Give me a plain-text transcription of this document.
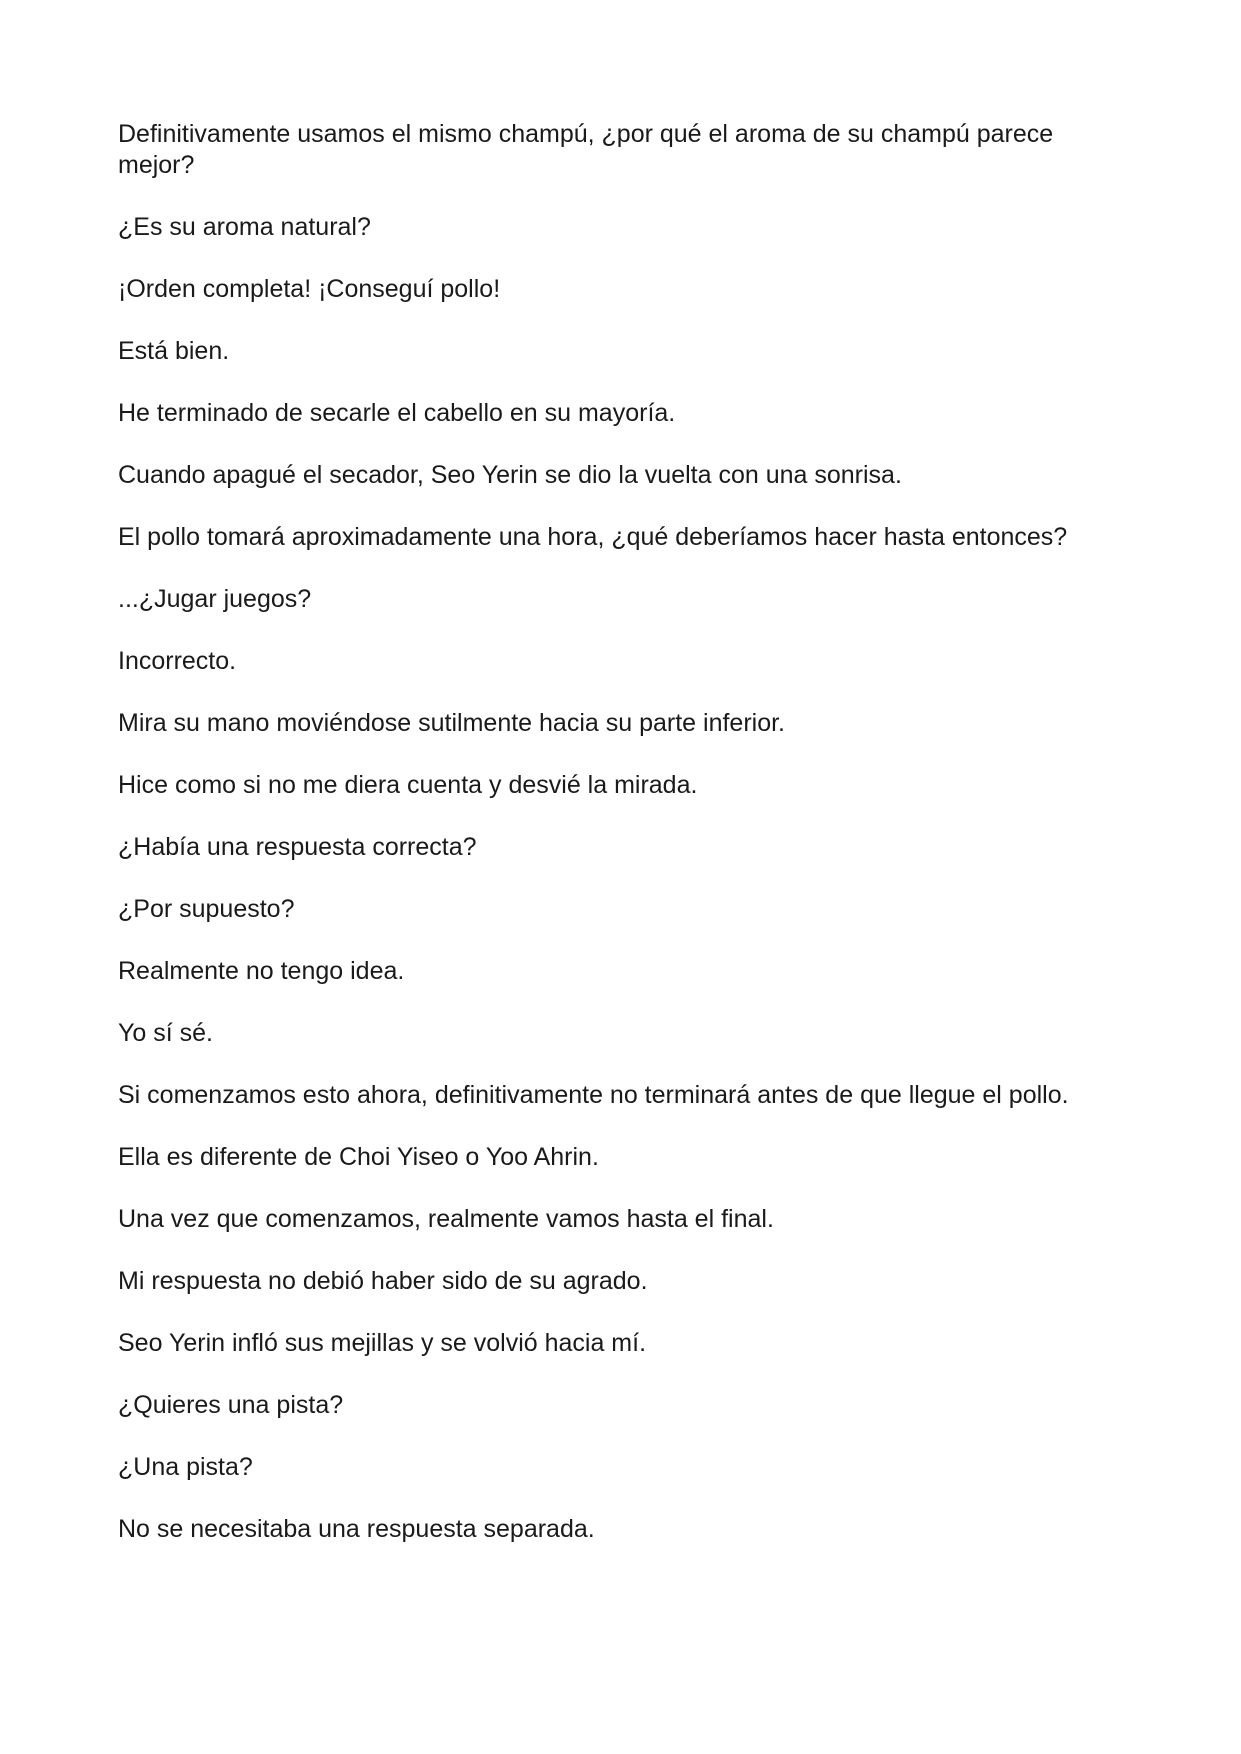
Definitivamente usamos el mismo champú, ¿por qué el aroma de su champú parece mejor?

¿Es su aroma natural?

¡Orden completa! ¡Conseguí pollo!

Está bien.

He terminado de secarle el cabello en su mayoría.

Cuando apagué el secador, Seo Yerin se dio la vuelta con una sonrisa.

El pollo tomará aproximadamente una hora, ¿qué deberíamos hacer hasta entonces?

...¿Jugar juegos?

Incorrecto.

Mira su mano moviéndose sutilmente hacia su parte inferior.

Hice como si no me diera cuenta y desvié la mirada.

¿Había una respuesta correcta?

¿Por supuesto?

Realmente no tengo idea.

Yo sí sé.

Si comenzamos esto ahora, definitivamente no terminará antes de que llegue el pollo.

Ella es diferente de Choi Yiseo o Yoo Ahrin.

Una vez que comenzamos, realmente vamos hasta el final.

Mi respuesta no debió haber sido de su agrado.

Seo Yerin infló sus mejillas y se volvió hacia mí.

¿Quieres una pista?

¿Una pista?

No se necesitaba una respuesta separada.
